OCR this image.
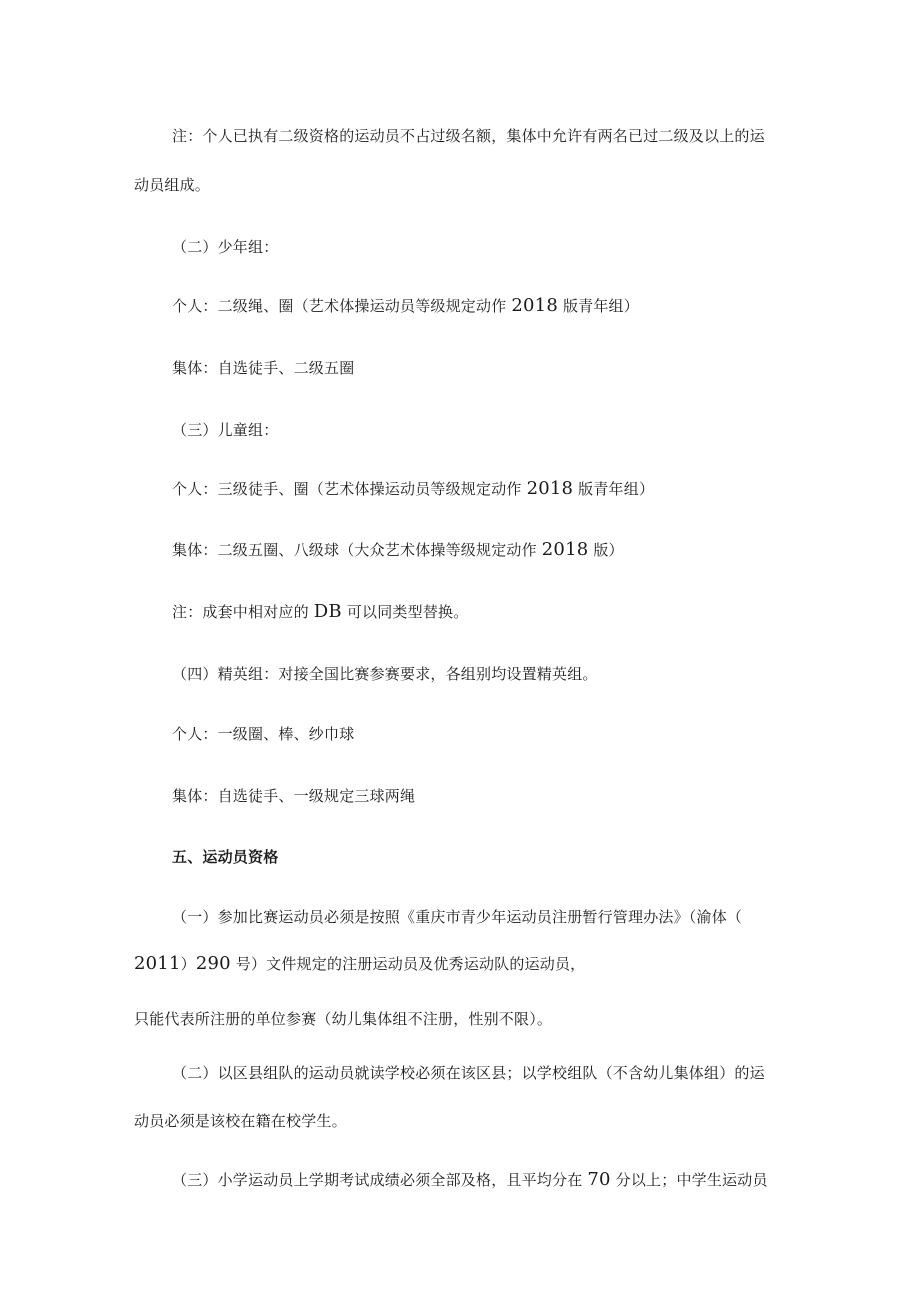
注：个人已执有二级资格的运动员不占过级名额，集体中允许有两名已过二级及以上的运
动员组成。
（二）少年组：
个人：二级绳、圈（艺术体操运动员等级规定动作 2018 版青年组）
集体：自选徒手、二级五圈
（三）儿童组：
个人：三级徒手、圈（艺术体操运动员等级规定动作 2018 版青年组）
集体：二级五圈、八级球（大众艺术体操等级规定动作 2018 版）
注：成套中相对应的 DB 可以同类型替换。
（四）精英组：对接全国比赛参赛要求，各组别均设置精英组。
个人：一级圈、棒、纱巾球
集体：自选徒手、一级规定三球两绳
五、运动员资格
（一）参加比赛运动员必须是按照《重庆市青少年运动员注册暂行管理办法》（渝体（
2011）290 号）文件规定的注册运动员及优秀运动队的运动员，
只能代表所注册的单位参赛（幼儿集体组不注册，性别不限）。
（二）以区县组队的运动员就读学校必须在该区县；以学校组队（不含幼儿集体组）的运
动员必须是该校在籍在校学生。
（三）小学运动员上学期考试成绩必须全部及格，且平均分在 70 分以上；中学生运动员
